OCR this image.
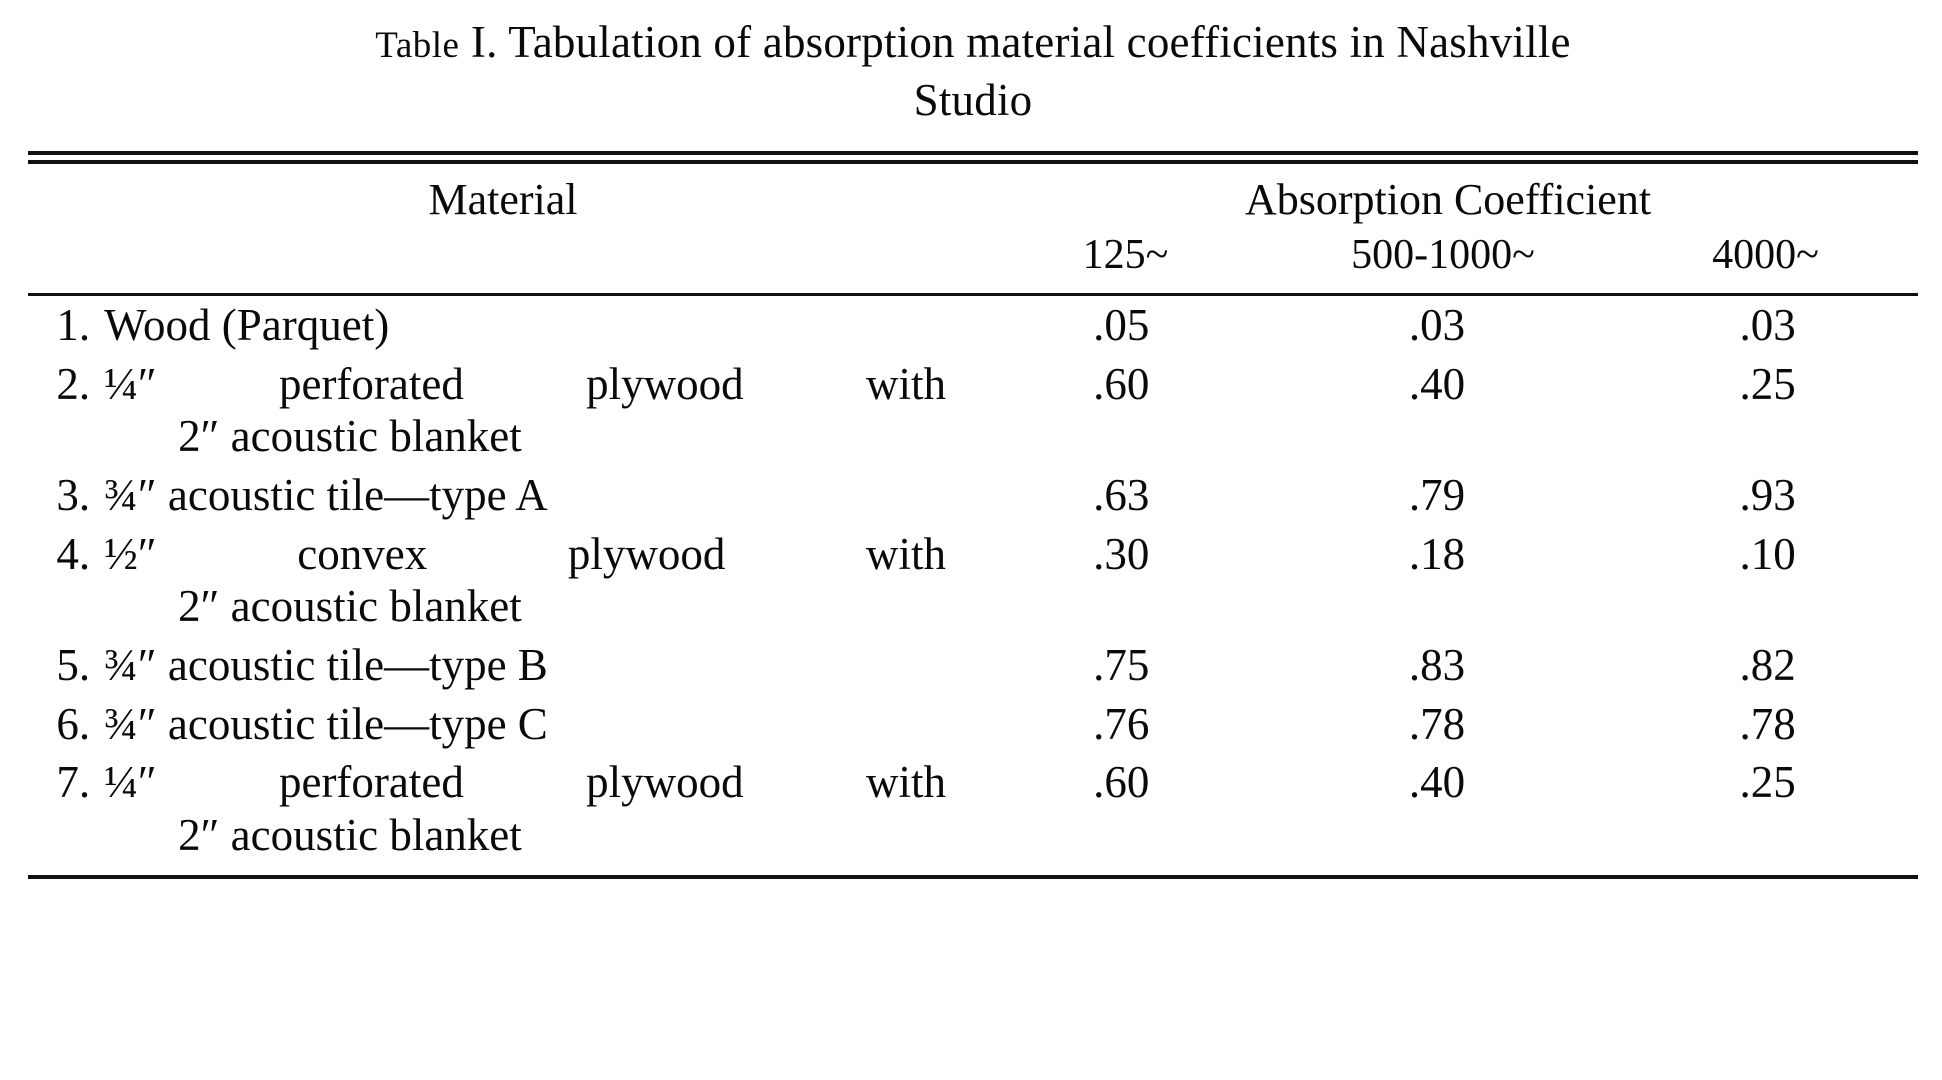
Table I. Tabulation of absorption material coefficients in Nashville
Studio
Material	Absorption Coefficient
	125~ 500-1000~ 4000~
1.	Wood (Parquet)	.05	.03	.03
2.	¼″ perforated plywood with
2″ acoustic blanket	.60	.40	.25
3.	¾″ acoustic tile—type A	.63	.79	.93
4.	½″ convex plywood with
2″ acoustic blanket	.30	.18	.10
5.	¾″ acoustic tile—type B	.75	.83	.82
6.	¾″ acoustic tile—type C	.76	.78	.78
7.	¼″ perforated plywood with
2″ acoustic blanket	.60	.40	.25
